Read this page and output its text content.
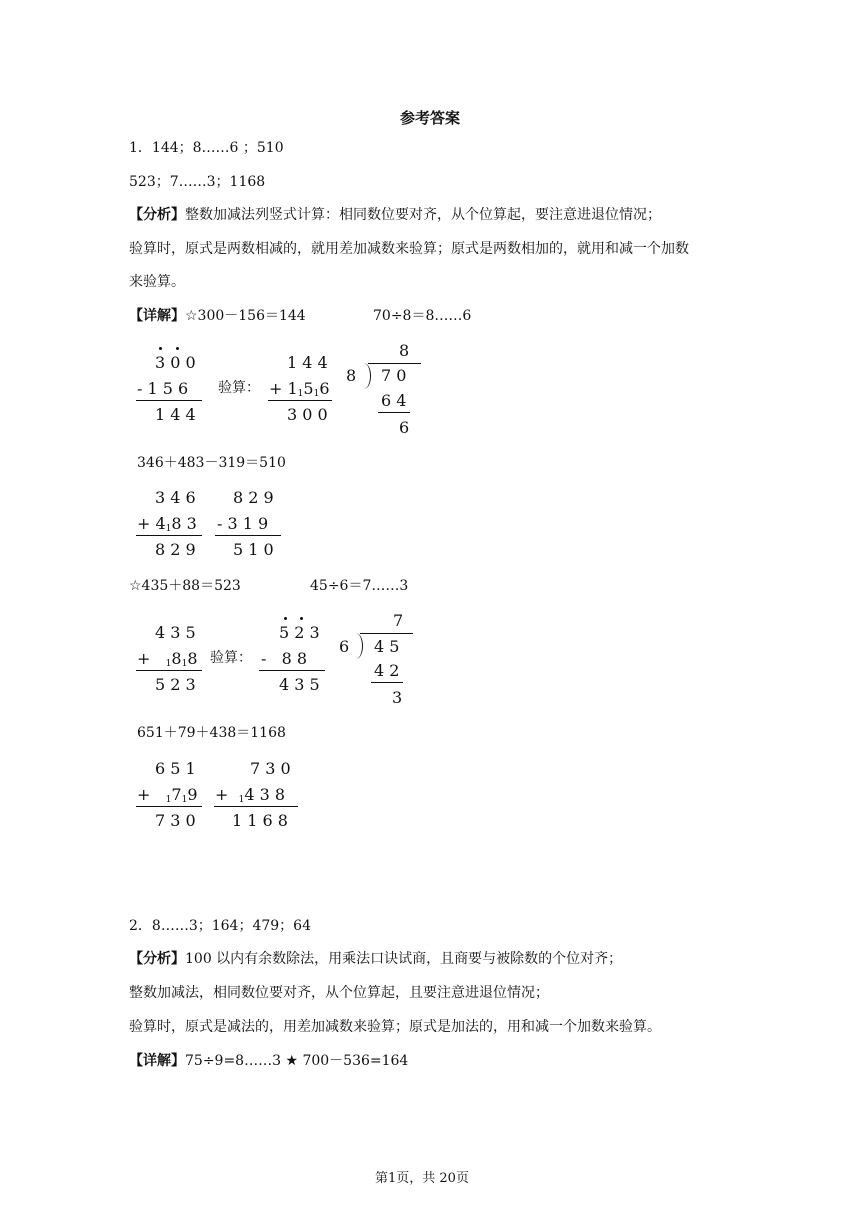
参考答案
1．144；8……6 ；510
523；7……3；1168
【分析】整数加减法列竖式计算：相同数位要对齐，从个位算起，要注意进退位情况；
验算时，原式是两数相减的，就用差加减数来验算；原式是两数相加的，就用和减一个加数
来验算。
【详解】☆300－156＝144	70÷8＝8……6
3 0 0
- 1 5 6
1 4 4
验算：
1 4 4
+ 11516
3 0 0
8
8 7 0
6 4
6
346＋483－319＝510
3 4 6
+ 418 3
8 2 9
8 2 9
- 3 1 9
5 1 0
☆435＋88＝523	45÷6＝7……3
4 3 5
+ 1818
5 2 3
验算：
5 2 3
-   8 8
4 3 5
7
6 4 5
4 2
3
651＋79＋438＝1168
6 5 1
+ 1719
7 3 0
7 3 0
+ 14 3 8
1 1 6 8
2．8……3；164；479；64
【分析】100 以内有余数除法，用乘法口诀试商，且商要与被除数的个位对齐；
整数加减法，相同数位要对齐，从个位算起，且要注意进退位情况；
验算时，原式是减法的，用差加减数来验算；原式是加法的，用和减一个加数来验算。
【详解】75÷9=8……3 ★ 700－536=164
第1页，共 20页
